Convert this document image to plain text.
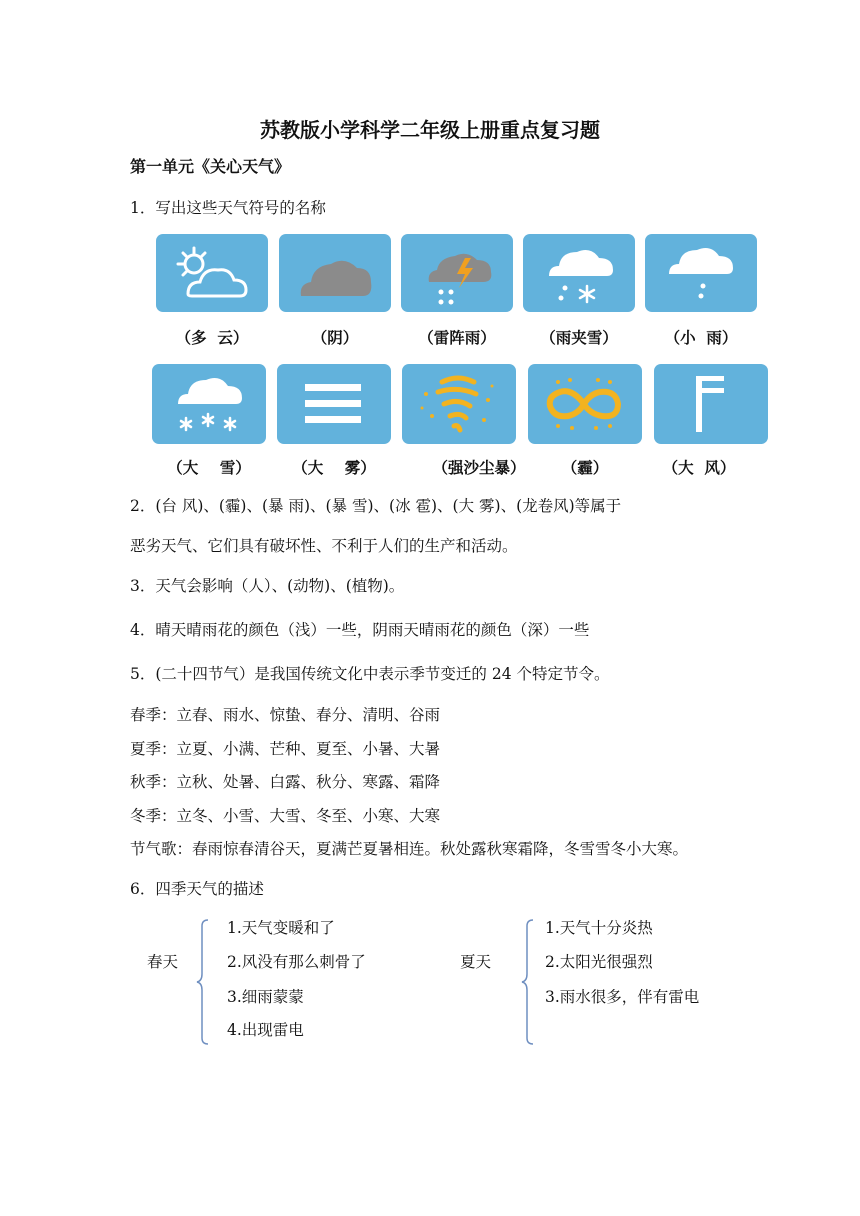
苏教版小学科学二年级上册重点复习题
第一单元《关心天气》
1．写出这些天气符号的名称
（多  云）	（阴）	（雷阵雨）	（雨夹雪）	（小  雨）
（大    雪）	（大    雾）	（强沙尘暴）	（霾）	（大  风）
2．(台 风)、(霾)、(暴 雨)、(暴 雪)、(冰 雹)、(大 雾)、(龙卷风)等属于
恶劣天气、它们具有破坏性、不利于人们的生产和活动。
3．天气会影响（人）、(动物)、(植物)。
4．晴天晴雨花的颜色（浅）一些，阴雨天晴雨花的颜色（深）一些
5．(二十四节气）是我国传统文化中表示季节变迁的 24 个特定节令。
春季：立春、雨水、惊蛰、春分、清明、谷雨
夏季：立夏、小满、芒种、夏至、小暑、大暑
秋季：立秋、处暑、白露、秋分、寒露、霜降
冬季：立冬、小雪、大雪、冬至、小寒、大寒
节气歌：春雨惊春清谷天，夏满芒夏暑相连。秋处露秋寒霜降，冬雪雪冬小大寒。
6．四季天气的描述
春天
1.天气变暖和了
2.风没有那么刺骨了
3.细雨蒙蒙
4.出现雷电
夏天
1.天气十分炎热
2.太阳光很强烈
3.雨水很多，伴有雷电
